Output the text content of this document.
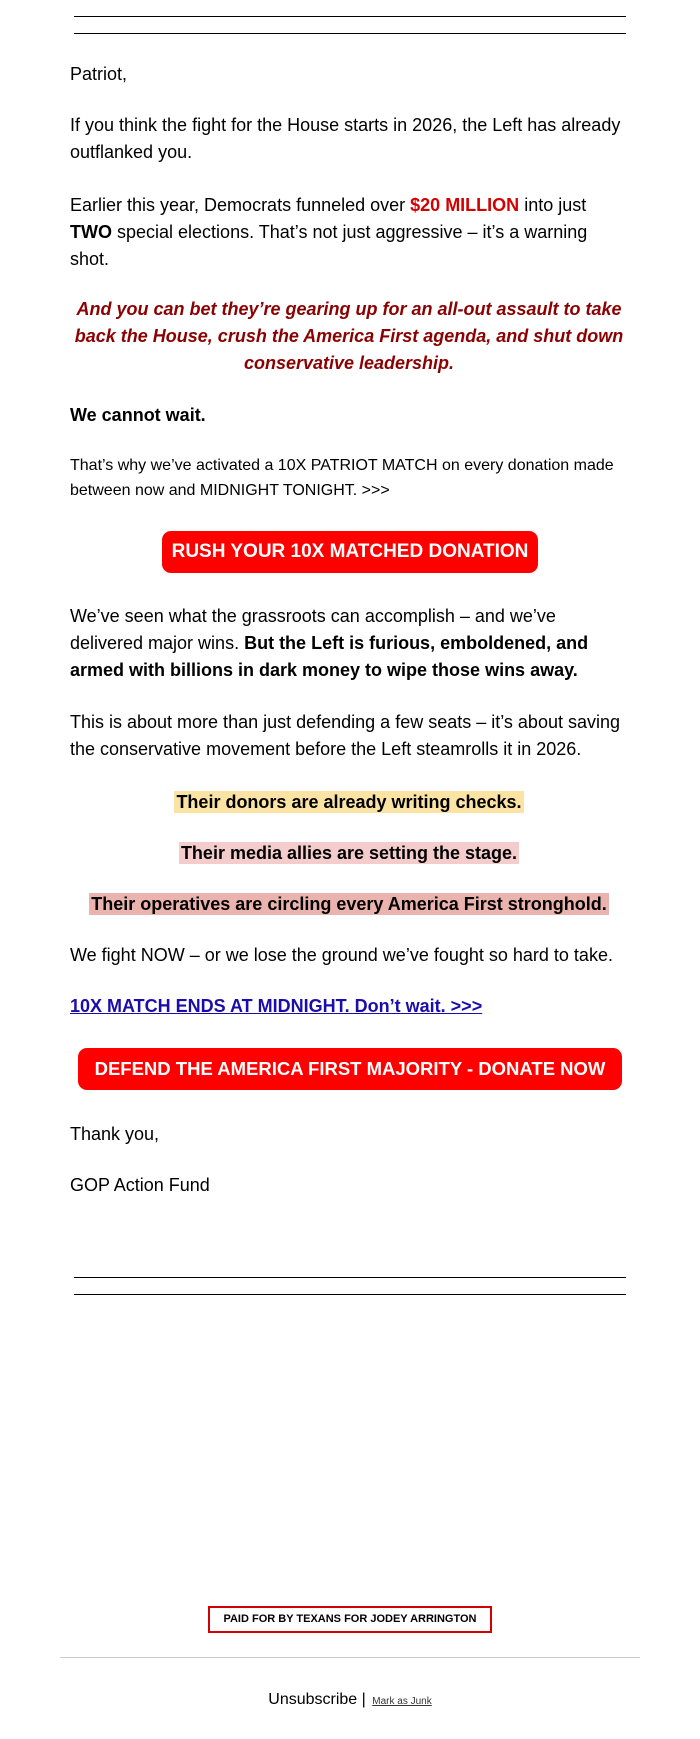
Patriot,

If you think the fight for the House starts in 2026, the Left has already outflanked you.

Earlier this year, Democrats funneled over $20 MILLION into just TWO special elections. That’s not just aggressive – it’s a warning shot.

And you can bet they’re gearing up for an all-out assault to take back the House, crush the America First agenda, and shut down conservative leadership.

We cannot wait.

That’s why we’ve activated a 10X PATRIOT MATCH on every donation made between now and MIDNIGHT TONIGHT. >>>

RUSH YOUR 10X MATCHED DONATION

We’ve seen what the grassroots can accomplish – and we’ve delivered major wins. But the Left is furious, emboldened, and armed with billions in dark money to wipe those wins away.

This is about more than just defending a few seats – it’s about saving the conservative movement before the Left steamrolls it in 2026.

Their donors are already writing checks.
Their media allies are setting the stage.
Their operatives are circling every America First stronghold.

We fight NOW – or we lose the ground we’ve fought so hard to take.

10X MATCH ENDS AT MIDNIGHT. Don’t wait. >>>

DEFEND THE AMERICA FIRST MAJORITY - DONATE NOW

Thank you,

GOP Action Fund

PAID FOR BY TEXANS FOR JODEY ARRINGTON
Unsubscribe | Mark as Junk
